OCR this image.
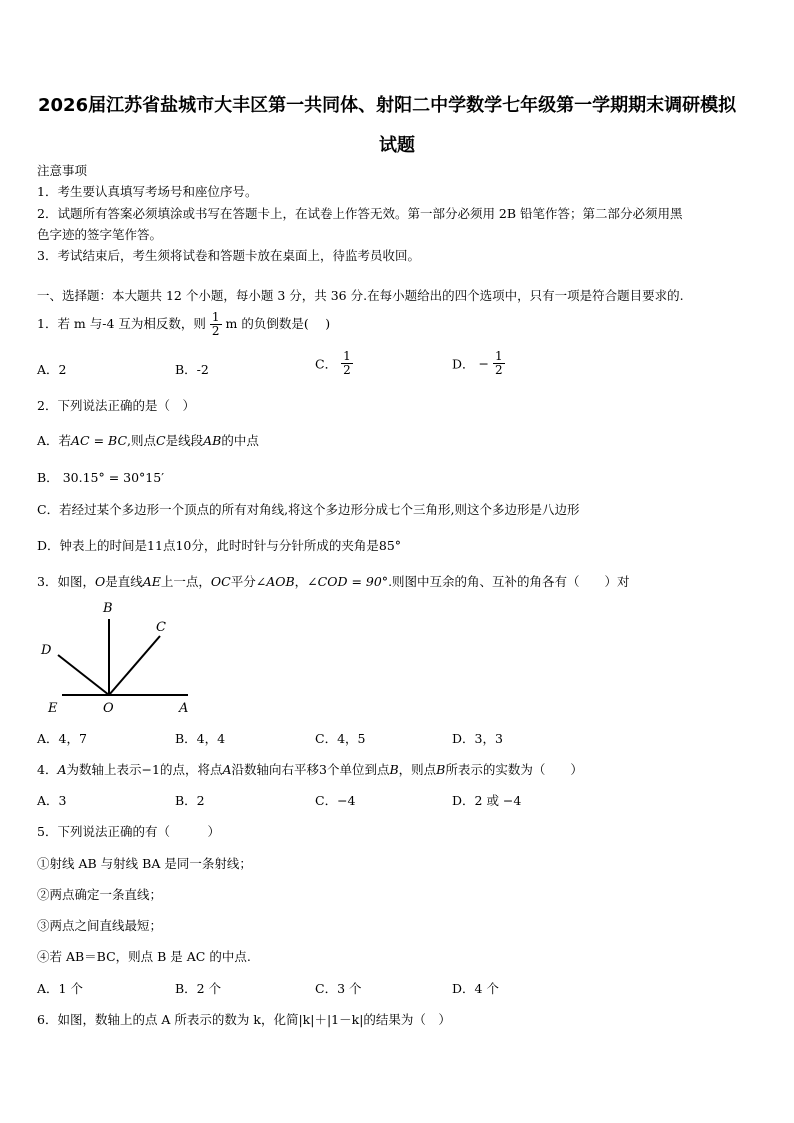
2026届江苏省盐城市大丰区第一共同体、射阳二中学数学七年级第一学期期末调研模拟
试题
注意事项
1．考生要认真填写考场号和座位序号。
2．试题所有答案必须填涂或书写在答题卡上，在试卷上作答无效。第一部分必须用 2B 铅笔作答；第二部分必须用黑
色字迹的签字笔作答。
3．考试结束后，考生须将试卷和答题卡放在桌面上，待监考员收回。
一、选择题：本大题共 12 个小题，每小题 3 分，共 36 分.在每小题给出的四个选项中，只有一项是符合题目要求的.
1．若 m 与-4 互为相反数，则 $\frac{1}{2}$ m 的负倒数是(　 )
A．2	B．-2	C． $\frac{1}{2}$	D． − $\frac{1}{2}$
2．下列说法正确的是（　）
A．若AC = BC,则点C是线段AB的中点
B． 30.15° = 30°15′
C．若经过某个多边形一个顶点的所有对角线,将这个多边形分成七个三角形,则这个多边形是八边形
D．钟表上的时间是11点10分，此时时针与分针所成的夹角是85°
3．如图，O是直线AE上一点，OC平分∠AOB，∠COD = 90°.则图中互余的角、互补的角各有（　　）对
B
C
D
E	O	A
A．4，7	B．4，4	C．4，5	D．3，3
4．A为数轴上表示−1的点，将点A沿数轴向右平移3个单位到点B，则点B所表示的实数为（　　）
A．3	B．2	C．−4	D．2 或 −4
5．下列说法正确的有（　　　）
①射线 AB 与射线 BA 是同一条射线；
②两点确定一条直线；
③两点之间直线最短；
④若 AB＝BC，则点 B 是 AC 的中点.
A．1 个	B．2 个	C．3 个	D．4 个
6．如图，数轴上的点 A 所表示的数为 k，化简|k|＋|1－k|的结果为（　）
